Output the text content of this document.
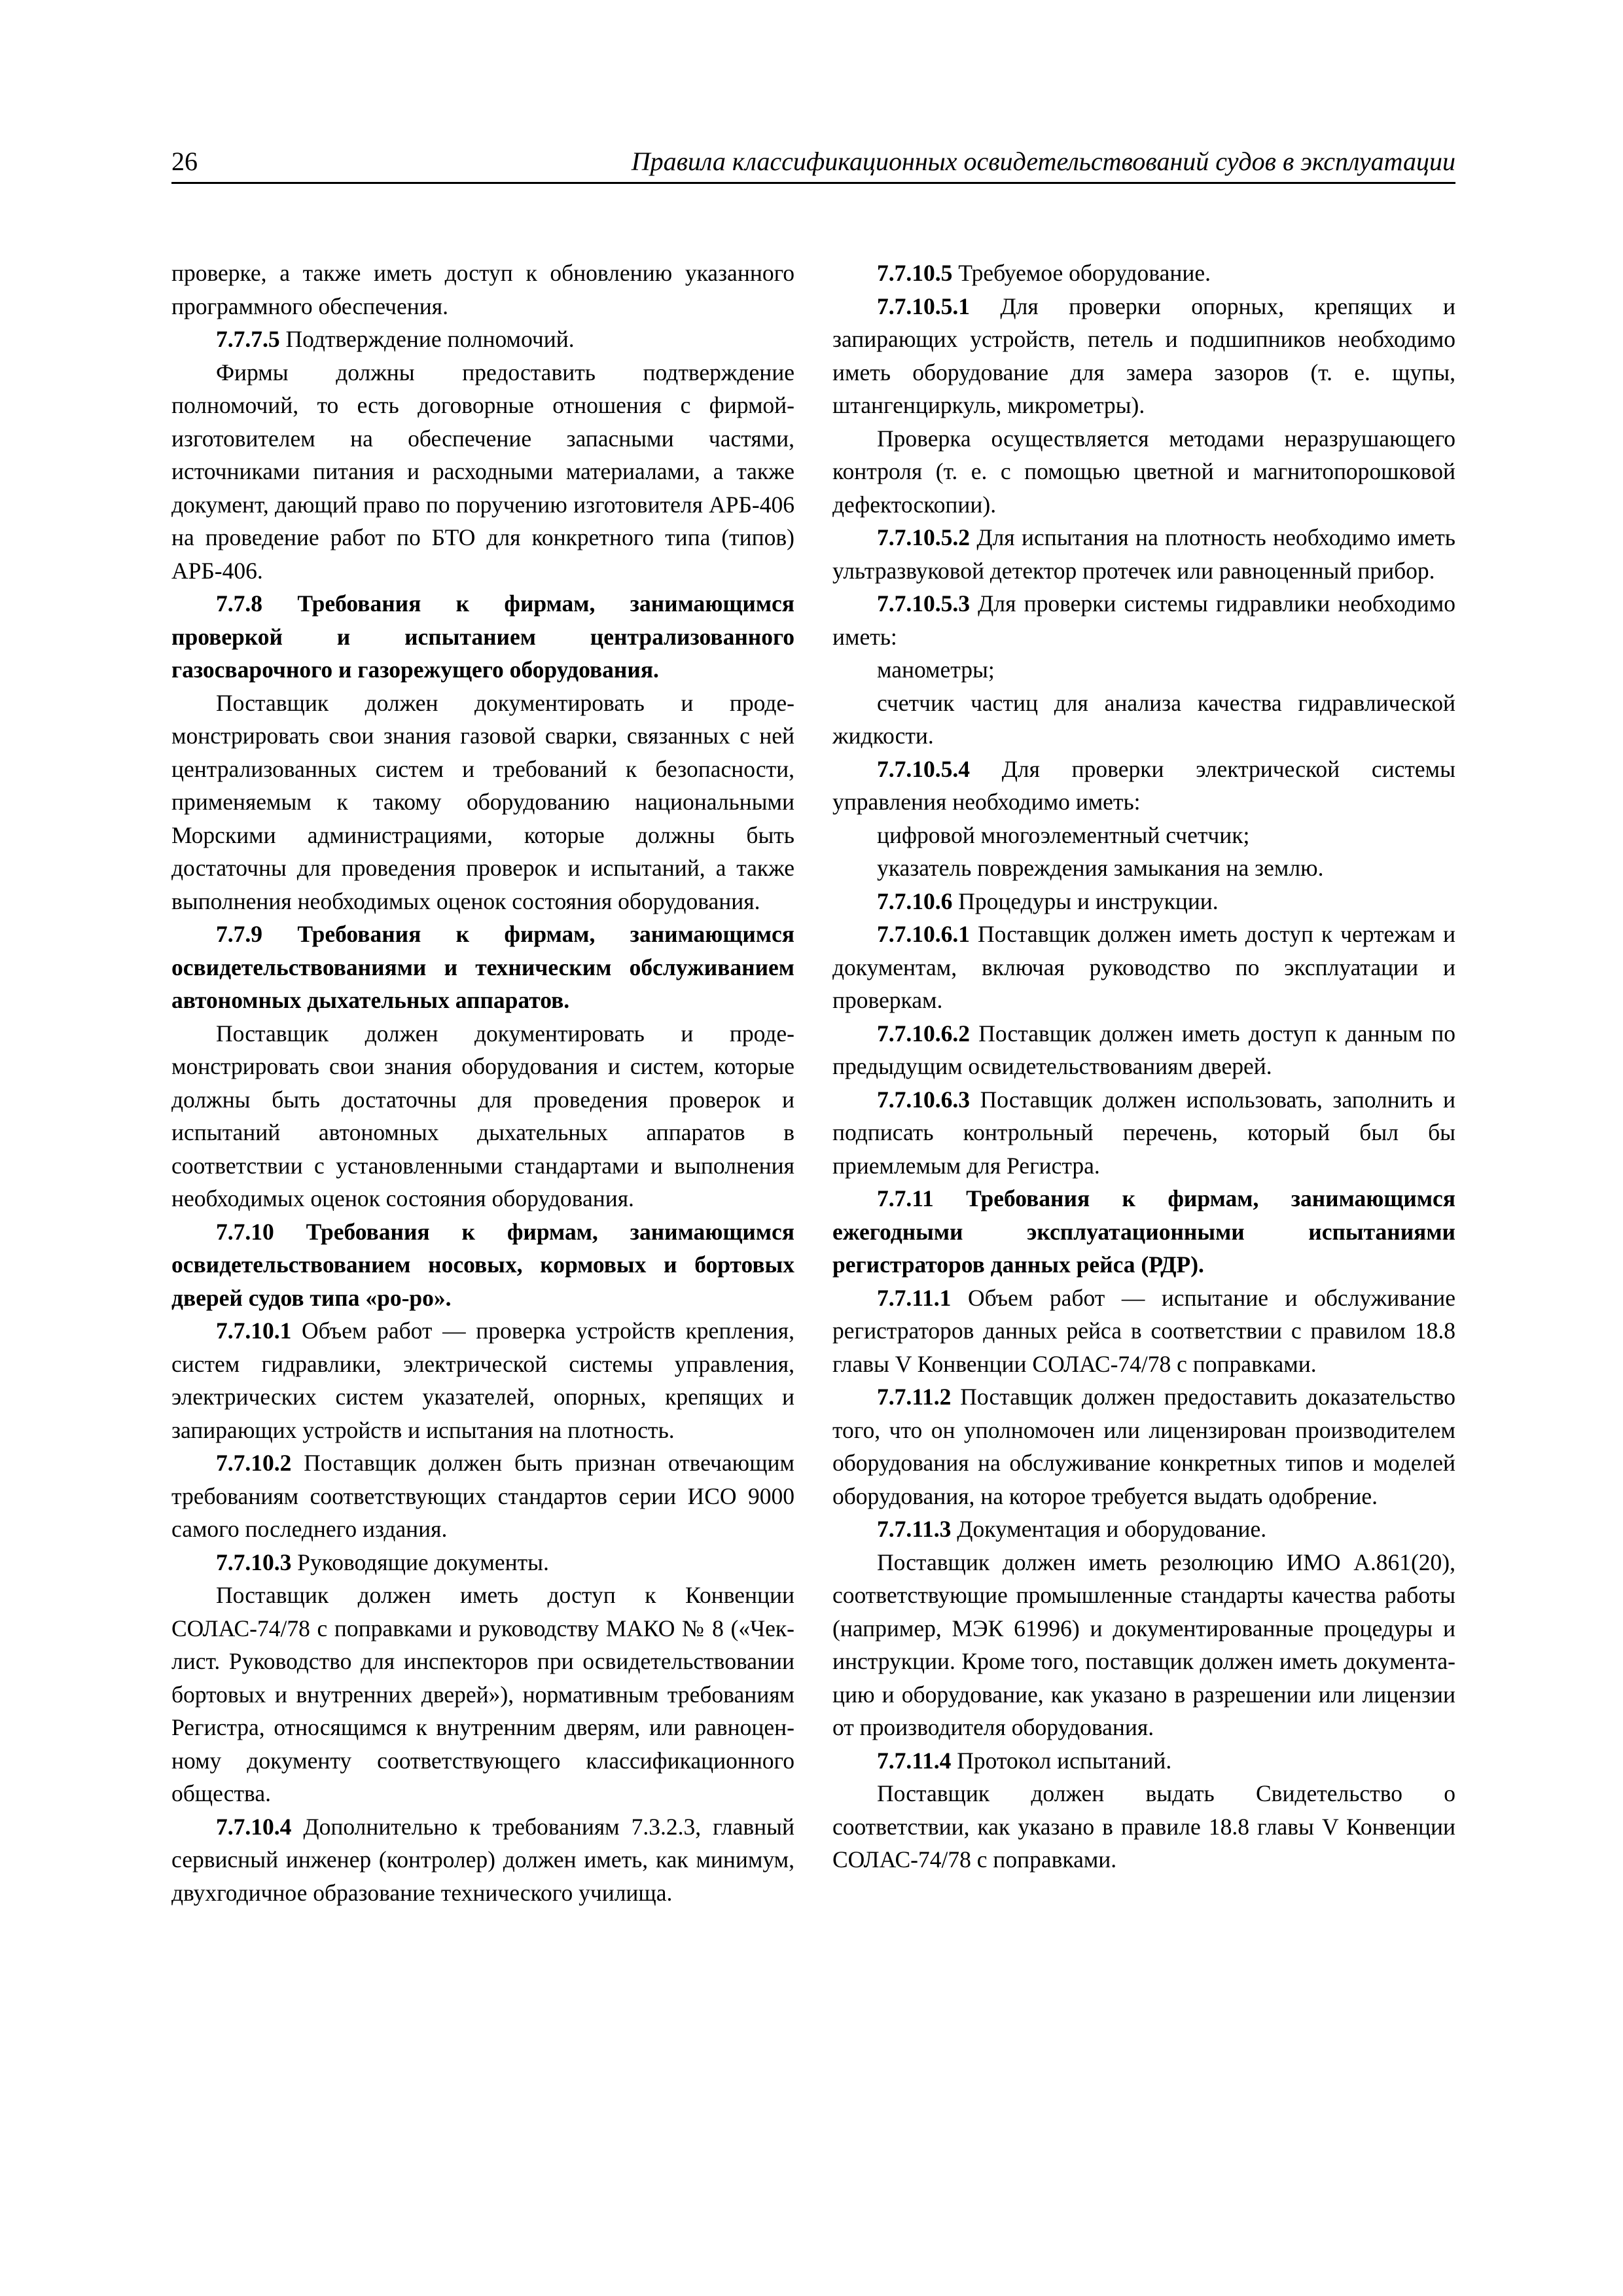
26	Правила классификационных освидетельствований судов в эксплуатации

проверке, а также иметь доступ к обновлению указанного программного обеспечения.

7.7.7.5 Подтверждение полномочий.

Фирмы должны предоставить подтверждение полномочий, то есть договорные отношения с фирмой-изготовителем на обеспечение запасными частями, источниками питания и расходными материалами, а также документ, дающий право по поручению изготовителя АРБ-406 на проведение работ по БТО для конкретного типа (типов) АРБ-406.

7.7.8 Требования к фирмам, занимающимся проверкой и испытанием централизованного газосварочного и газорежущего оборудования.

Поставщик должен документировать и продемонстрировать свои знания газовой сварки, связанных с ней централизованных систем и требований к безопасности, применяемым к такому оборудованию национальными Морскими администрациями, которые должны быть достаточны для проведения проверок и испытаний, а также выполнения необходимых оценок состояния оборудования.

7.7.9 Требования к фирмам, занимающимся освидетельствованиями и техническим обслуживанием автономных дыхательных аппаратов.

Поставщик должен документировать и продемонстрировать свои знания оборудования и систем, которые должны быть достаточны для проведения проверок и испытаний автономных дыхательных аппаратов в соответствии с установленными стандартами и выполнения необходимых оценок состояния оборудования.

7.7.10 Требования к фирмам, занимающимся освидетельствованием носовых, кормовых и бортовых дверей судов типа «ро-ро».

7.7.10.1 Объем работ — проверка устройств крепления, систем гидравлики, электрической системы управления, электрических систем указателей, опорных, крепящих и запирающих устройств и испытания на плотность.

7.7.10.2 Поставщик должен быть признан отвечающим требованиям соответствующих стандартов серии ИСО 9000 самого последнего издания.

7.7.10.3 Руководящие документы.

Поставщик должен иметь доступ к Конвенции СОЛАС-74/78 с поправками и руководству МАКО № 8 («Чек-лист. Руководство для инспекторов при освидетельствовании бортовых и внутренних дверей»), нормативным требованиям Регистра, относящимся к внутренним дверям, или равноценному документу соответствующего классификационного общества.

7.7.10.4 Дополнительно к требованиям 7.3.2.3, главный сервисный инженер (контролер) должен иметь, как минимум, двухгодичное образование технического училища.

7.7.10.5 Требуемое оборудование.

7.7.10.5.1 Для проверки опорных, крепящих и запирающих устройств, петель и подшипников необходимо иметь оборудование для замера зазоров (т. е. щупы, штангенциркуль, микрометры).

Проверка осуществляется методами неразрушающего контроля (т. е. с помощью цветной и магнитопорошковой дефектоскопии).

7.7.10.5.2 Для испытания на плотность необходимо иметь ультразвуковой детектор протечек или равноценный прибор.

7.7.10.5.3 Для проверки системы гидравлики необходимо иметь:

манометры;

счетчик частиц для анализа качества гидравлической жидкости.

7.7.10.5.4 Для проверки электрической системы управления необходимо иметь:

цифровой многоэлементный счетчик;

указатель повреждения замыкания на землю.

7.7.10.6 Процедуры и инструкции.

7.7.10.6.1 Поставщик должен иметь доступ к чертежам и документам, включая руководство по эксплуатации и проверкам.

7.7.10.6.2 Поставщик должен иметь доступ к данным по предыдущим освидетельствованиям дверей.

7.7.10.6.3 Поставщик должен использовать, заполнить и подписать контрольный перечень, который был бы приемлемым для Регистра.

7.7.11 Требования к фирмам, занимающимся ежегодными эксплуатационными испытаниями регистраторов данных рейса (РДР).

7.7.11.1 Объем работ — испытание и обслуживание регистраторов данных рейса в соответствии с правилом 18.8 главы V Конвенции СОЛАС-74/78 с поправками.

7.7.11.2 Поставщик должен предоставить доказательство того, что он уполномочен или лицензирован производителем оборудования на обслуживание конкретных типов и моделей оборудования, на которое требуется выдать одобрение.

7.7.11.3 Документация и оборудование.

Поставщик должен иметь резолюцию ИМО А.861(20), соответствующие промышленные стандарты качества работы (например, МЭК 61996) и документированные процедуры и инструкции. Кроме того, поставщик должен иметь документацию и оборудование, как указано в разрешении или лицензии от производителя оборудования.

7.7.11.4 Протокол испытаний.

Поставщик должен выдать Свидетельство о соответствии, как указано в правиле 18.8 главы V Конвенции СОЛАС-74/78 с поправками.
